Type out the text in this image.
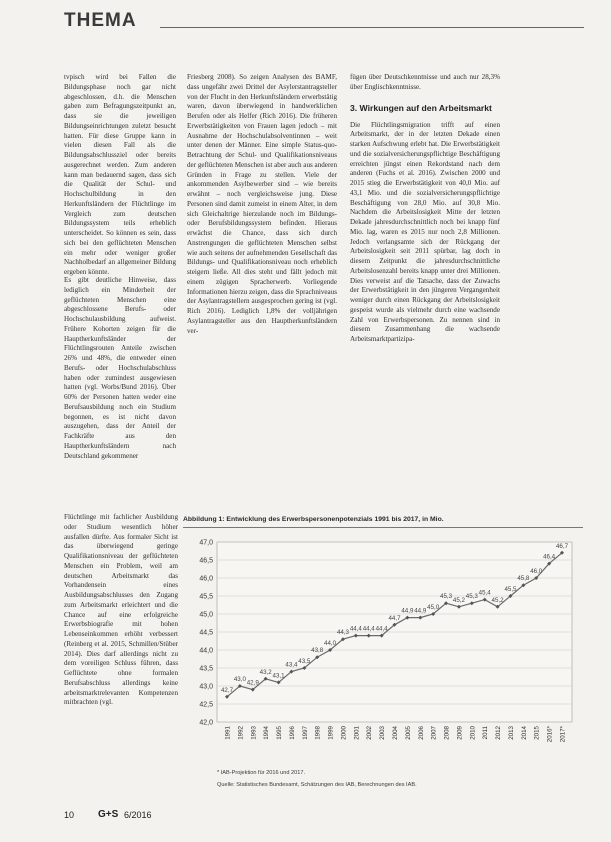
THEMA

tvpisch wird bei Fallen die Bildungsphase noch gar nicht abgeschlossen, d.h. die Menschen gaben zum Befragungszeitpunkt an, dass sie die jeweiligen Bildungseinrichtungen zuletzt besucht hatten. Für diese Gruppe kann in vielen diesen Fall als die Bildungsabschlussziel oder bereits ausgerechnet werden. Zum anderen kann man bedauernd sagen, dass sich die Qualität der Schul- und Hochschulbildung in den Herkunftsländern der Flüchtlinge im Vergleich zum deutschen Bildungssystem teils erheblich unterscheidet. So können es sein, dass sich bei den geflüchteten Menschen ein mehr oder weniger großer Nachholbedarf an allgemeiner Bildung ergeben könnte.

Es gibt deutliche Hinweise, dass lediglich ein Minderheit der geflüchteten Menschen eine abgeschlossene Berufs- oder Hochschulausbildung aufweist. Frühere Kohorten zeigen für die Hauptherkunftsländer der Flüchtlingsrouten Anteile zwischen 26% und 48%, die entweder einen Berufs- oder Hochschulabschluss haben oder zumindest ausgewiesen hatten (vgl. Worbs/Bund 2016). Über 60% der Personen hatten weder eine Berufsausbildung noch ein Studium begonnen, es ist nicht davon auszugehen, dass der Anteil der Fachkräfte aus den Hauptherkunftsländern nach Deutschland gekommener

Flüchtlinge mit fachlicher Ausbildung oder Studium wesentlich höher ausfallen dürfte. Aus formaler Sicht ist das überwiegend geringe Qualifikationsniveau der geflüchteten Menschen ein Problem, weil am deutschen Arbeitsmarkt das Vorhandensein eines Ausbildungsabschlusses den Zugang zum Arbeitsmarkt erleichtert und die Chance auf eine erfolgreiche Erwerbsbiografie mit hohen Lebenseinkommen erhöht verbessert (Reinberg et al. 2015, Schmillen/Stüber 2014). Dies darf allerdings nicht zu dem voreiligen Schluss führen, dass Geflüchtete ohne formalen Berufsabschluss allerdings keine arbeitsmarktrelevanten Kompetenzen mitbrachten (vgl.

Friesberg 2008). So zeigen Analysen des BAMF, dass ungefähr zwei Drittel der Asylerstantragsteller von der Flucht in den Herkunftsländern erwerbstätig waren, davon überwiegend in handwerklichen Berufen oder als Helfer (Rich 2016). Die früheren Erwerbstätigkeiten von Frauen lagen jedoch – mit Ausnahme der Hochschulabsolventinnen – weit unter denen der Männer. Eine simple Status-quo-Betrachtung der Schul- und Qualifikationsniveaus der geflüchteten Menschen ist aber auch aus anderen Gründen in Frage zu stellen. Viele der ankommenden Asylbewerber sind – wie bereits erwähnt – noch vergleichsweise jung. Diese Personen sind damit zumeist in einem Alter, in dem sich Gleichaltrige hierzulande noch im Bildungs- oder Berufsbildungssystem befinden. Hieraus erwächst die Chance, dass sich durch Anstrengungen die geflüchteten Menschen selbst wie auch seitens der aufnehmenden Gesellschaft das Bildungs- und Qualifikationsniveau noch erheblich steigern ließe. All dies steht und fällt jedoch mit einem zügigen Spracherwerb. Vorliegende Informationen hierzu zeigen, dass die Sprachniveaus der Asylantragstellern ausgesprochen gering ist (vgl. Rich 2016). Lediglich 1,8% der volljährigen Asylantragsteller aus den Hauptherkunftsländern ver-

fügen über Deutschkenntnisse und auch nur 28,3% über Englischkenntnisse.

3. Wirkungen auf den Arbeitsmarkt

Die Flüchtlingsmigration trifft auf einen Arbeitsmarkt, der in der letzten Dekade einen starken Aufschwung erlebt hat. Die Erwerbstätigkeit und die sozialversicherungspflichtige Beschäftigung erreichten jüngst einen Rekordstand nach dem anderen (Fuchs et al. 2016). Zwischen 2000 und 2015 stieg die Erwerbstätigkeit von 40,0 Mio. auf 43,1 Mio. und die sozialversicherungspflichtige Beschäftigung von 28,0 Mio. auf 30,8 Mio. Nachdem die Arbeitslosigkeit Mitte der letzten Dekade jahresdurchschnittlich noch bei knapp fünf Mio. lag, waren es 2015 nur noch 2,8 Millionen. Jedoch verlangsamte sich der Rückgang der Arbeitslosigkeit seit 2011 spürbar, lag doch in diesem Zeitpunkt die jahresdurchschnittliche Arbeitslosenzahl bereits knapp unter drei Millionen. Dies verweist auf die Tatsache, dass der Zuwachs der Erwerbstätigkeit in den jüngeren Vergangenheit weniger durch einen Rückgang der Arbeitslosigkeit gespeist wurde als vielmehr durch eine wachsende Zahl von Erwerbspersonen. Zu nennen sind in diesem Zusammenhang die wachsende Arbeitsmarktpartizipa-

Abbildung 1: Entwicklung des Erwerbspersonenpotenzials 1991 bis 2017, in Mio.
42,0
42,5
43,0
43,5
44,0
44,5
45,0
45,5
46,0
46,5
47,0
1991 1992 1993 1994 1995 1996 1997 1998 1999 2000 2001 2002 2003 2004 2005 2006 2007 2008 2009 2010 2011 2012 2013 2014 2015 2016* 2017*
42,7
43,0
42,9
43,2
43,1
43,4
43,5
43,8
44,0
44,3
44,4 44,4 44,4
44,7
44,9 44,9
45,0
45,3
45,2
45,3
45,4
45,2
45,5
45,8
46,0
46,4
46,7
* IAB-Projektion für 2016 und 2017.
Quelle: Statistisches Bundesamt, Schätzungen des IAB, Berechnungen des IAB.
10 G+S 6/2016
